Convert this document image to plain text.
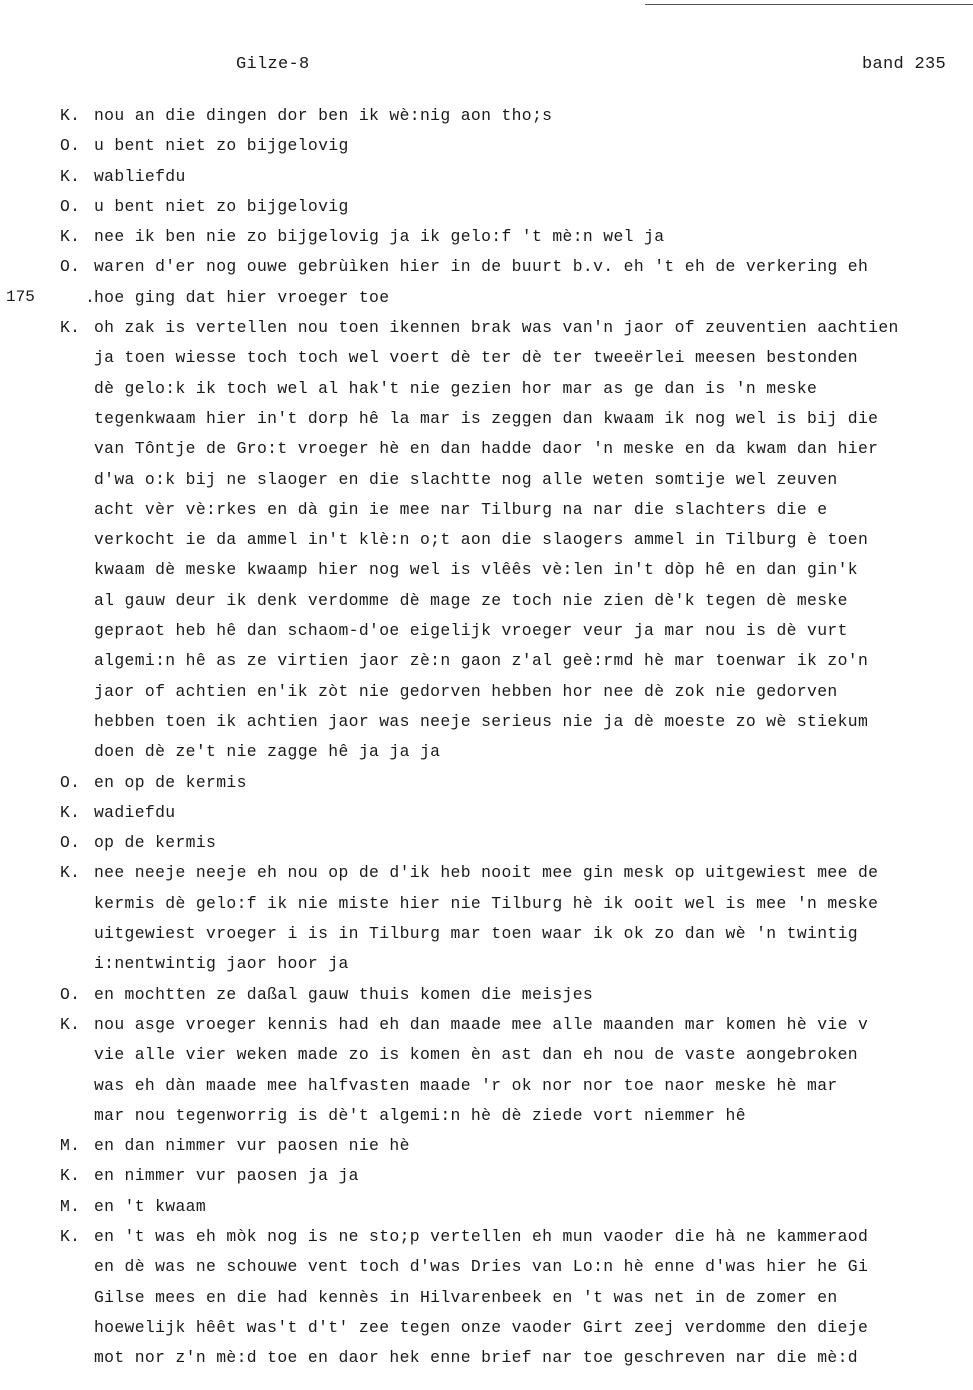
Gilze-8	band 235
175
K. nou an die dingen dor ben ik wè:nig aon tho;s
O. u bent niet zo bijgelovig
K. wabliefdu
O. u bent niet zo bijgelovig
K. nee ik ben nie zo bijgelovig ja ik gelo:f 't mè:n wel ja
O. waren d'er nog ouwe gebrùìken hier in de buurt b.v. eh 't eh de verkering eh
hoe ging dat hier vroeger toe
.
K. oh zak is vertellen nou toen ikennen brak was van'n jaor of zeuventien aachtien
ja toen wiesse toch toch wel voert dè ter dè ter tweeërlei meesen bestonden
dè gelo:k ik toch wel al hak't nie gezien hor mar as ge dan is 'n meske
tegenkwaam hier in't dorp hê la mar is zeggen dan kwaam ik nog wel is bij die
van Tôntje de Gro:t vroeger hè en dan hadde daor 'n meske en da kwam dan hier
d'wa o:k bij ne slaoger en die slachtte nog alle weten somtije wel zeuven
acht vèr vè:rkes en dà gin ie mee nar Tilburg na nar die slachters die e
verkocht ie da ammel in't klè:n o;t aon die slaogers ammel in Tilburg è toen
kwaam dè meske kwaamp hier nog wel is vlêês vè:len in't dòp hê en dan gin'k
al gauw deur ik denk verdomme dè mage ze toch nie zien dè'k tegen dè meske
gepraot heb hê dan schaom-d'oe eigelijk vroeger veur ja mar nou is dè vurt
algemi:n hê as ze virtien jaor zè:n gaon z'al geè:rmd hè mar toenwar ik zo'n
jaor of achtien en'ik zòt nie gedorven hebben hor nee dè zok nie gedorven
hebben toen ik achtien jaor was neeje serieus nie ja dè moeste zo wè stiekum
doen dè ze't nie zagge hê ja ja ja
O. en op de kermis
K. wadiefdu
O. op de kermis
K. nee neeje neeje eh nou op de d'ik heb nooit mee gin mesk op uitgewiest mee de
kermis dè gelo:f ik nie miste hier nie Tilburg hè ik ooit wel is mee 'n meske
uitgewiest vroeger i is in Tilburg mar toen waar ik ok zo dan wè 'n twintig
i:nentwintig jaor hoor ja
O. en mochtten ze daßal gauw thuis komen die meisjes
K. nou asge vroeger kennis had eh dan maade mee alle maanden mar komen hè vie v
vie alle vier weken made zo is komen èn ast dan eh nou de vaste aongebroken
was eh dàn maade mee halfvasten maade 'r ok nor nor toe naor meske hè mar
mar nou tegenworrig is dè't algemi:n hè dè ziede vort niemmer hê
M. en dan nimmer vur paosen nie hè
K. en nimmer vur paosen ja ja
M. en 't kwaam
K. en 't was eh mòk nog is ne sto;p vertellen eh mun vaoder die hà ne kammeraod
en dè was ne schouwe vent toch d'was Dries van Lo:n hè enne d'was hier he Gi
Gilse mees en die had kennès in Hilvarenbeek en 't was net in de zomer en
hoewelijk hêêt was't d't' zee tegen onze vaoder Girt zeej verdomme den dieje
mot nor z'n mè:d toe en daor hek enne brief nar toe geschreven nar die mè:d
